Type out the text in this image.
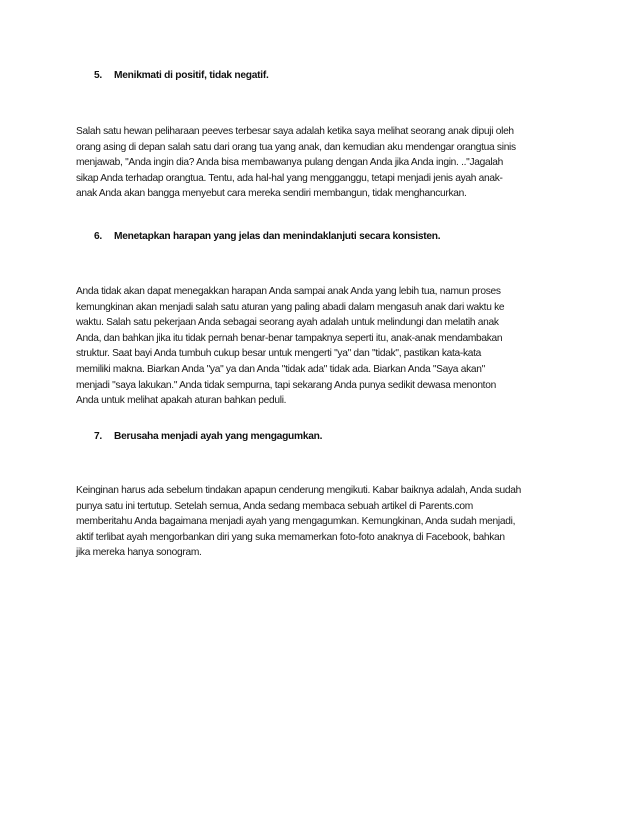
5. Menikmati di positif, tidak negatif.
Salah satu hewan peliharaan peeves terbesar saya adalah ketika saya melihat seorang anak dipuji oleh
orang asing di depan salah satu dari orang tua yang anak, dan kemudian aku mendengar orangtua sinis
menjawab, "Anda ingin dia? Anda bisa membawanya pulang dengan Anda jika Anda ingin. .."Jagalah
sikap Anda terhadap orangtua. Tentu, ada hal-hal yang mengganggu, tetapi menjadi jenis ayah anak-
anak Anda akan bangga menyebut cara mereka sendiri membangun, tidak menghancurkan.
6. Menetapkan harapan yang jelas dan menindaklanjuti secara konsisten.
Anda tidak akan dapat menegakkan harapan Anda sampai anak Anda yang lebih tua, namun proses
kemungkinan akan menjadi salah satu aturan yang paling abadi dalam mengasuh anak dari waktu ke
waktu. Salah satu pekerjaan Anda sebagai seorang ayah adalah untuk melindungi dan melatih anak
Anda, dan bahkan jika itu tidak pernah benar-benar tampaknya seperti itu, anak-anak mendambakan
struktur. Saat bayi Anda tumbuh cukup besar untuk mengerti "ya" dan "tidak", pastikan kata-kata
memiliki makna. Biarkan Anda "ya" ya dan Anda "tidak ada" tidak ada. Biarkan Anda "Saya akan"
menjadi "saya lakukan." Anda tidak sempurna, tapi sekarang Anda punya sedikit dewasa menonton
Anda untuk melihat apakah aturan bahkan peduli.
7. Berusaha menjadi ayah yang mengagumkan.
Keinginan harus ada sebelum tindakan apapun cenderung mengikuti. Kabar baiknya adalah, Anda sudah
punya satu ini tertutup. Setelah semua, Anda sedang membaca sebuah artikel di Parents.com
memberitahu Anda bagaimana menjadi ayah yang mengagumkan. Kemungkinan, Anda sudah menjadi,
aktif terlibat ayah mengorbankan diri yang suka memamerkan foto-foto anaknya di Facebook, bahkan
jika mereka hanya sonogram.
